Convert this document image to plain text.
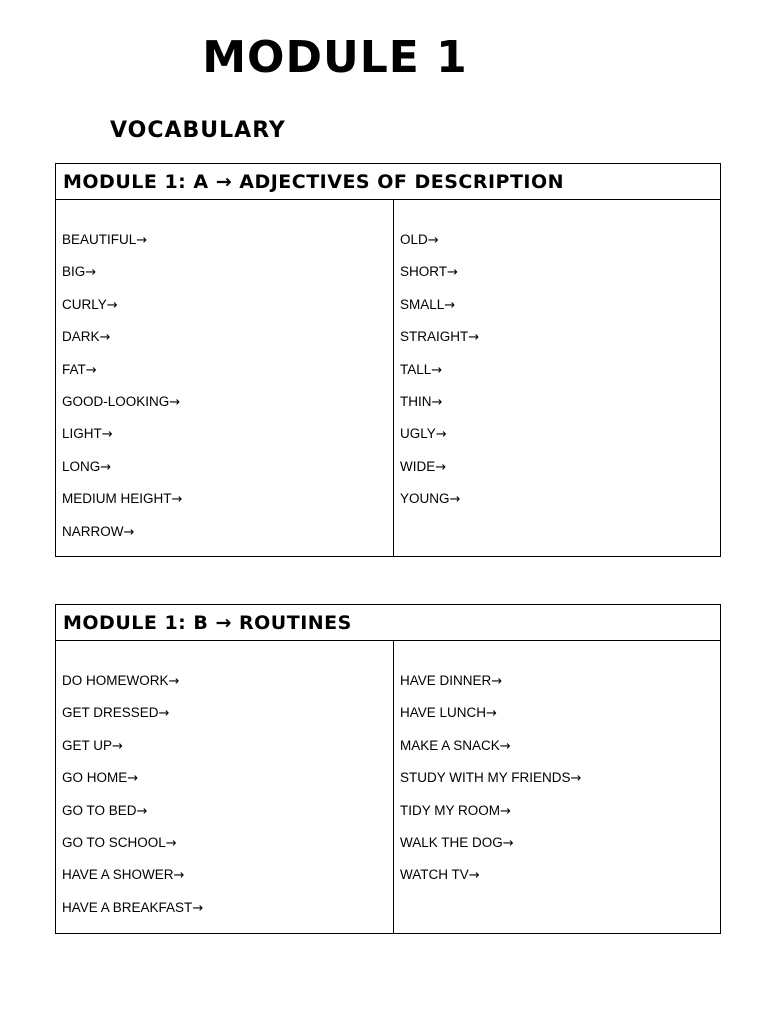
MODULE 1
VOCABULARY
MODULE 1: A → ADJECTIVES OF DESCRIPTION
BEAUTIFUL→
BIG→
CURLY→
DARK→
FAT→
GOOD-LOOKING→
LIGHT→
LONG→
MEDIUM HEIGHT→
NARROW→
OLD→
SHORT→
SMALL→
STRAIGHT→
TALL→
THIN→
UGLY→
WIDE→
YOUNG→
MODULE 1: B → ROUTINES
DO HOMEWORK→
GET DRESSED→
GET UP→
GO HOME→
GO TO BED→
GO TO SCHOOL→
HAVE A SHOWER→
HAVE A BREAKFAST→
HAVE DINNER→
HAVE LUNCH→
MAKE A SNACK→
STUDY WITH MY FRIENDS→
TIDY MY ROOM→
WALK THE DOG→
WATCH TV→
